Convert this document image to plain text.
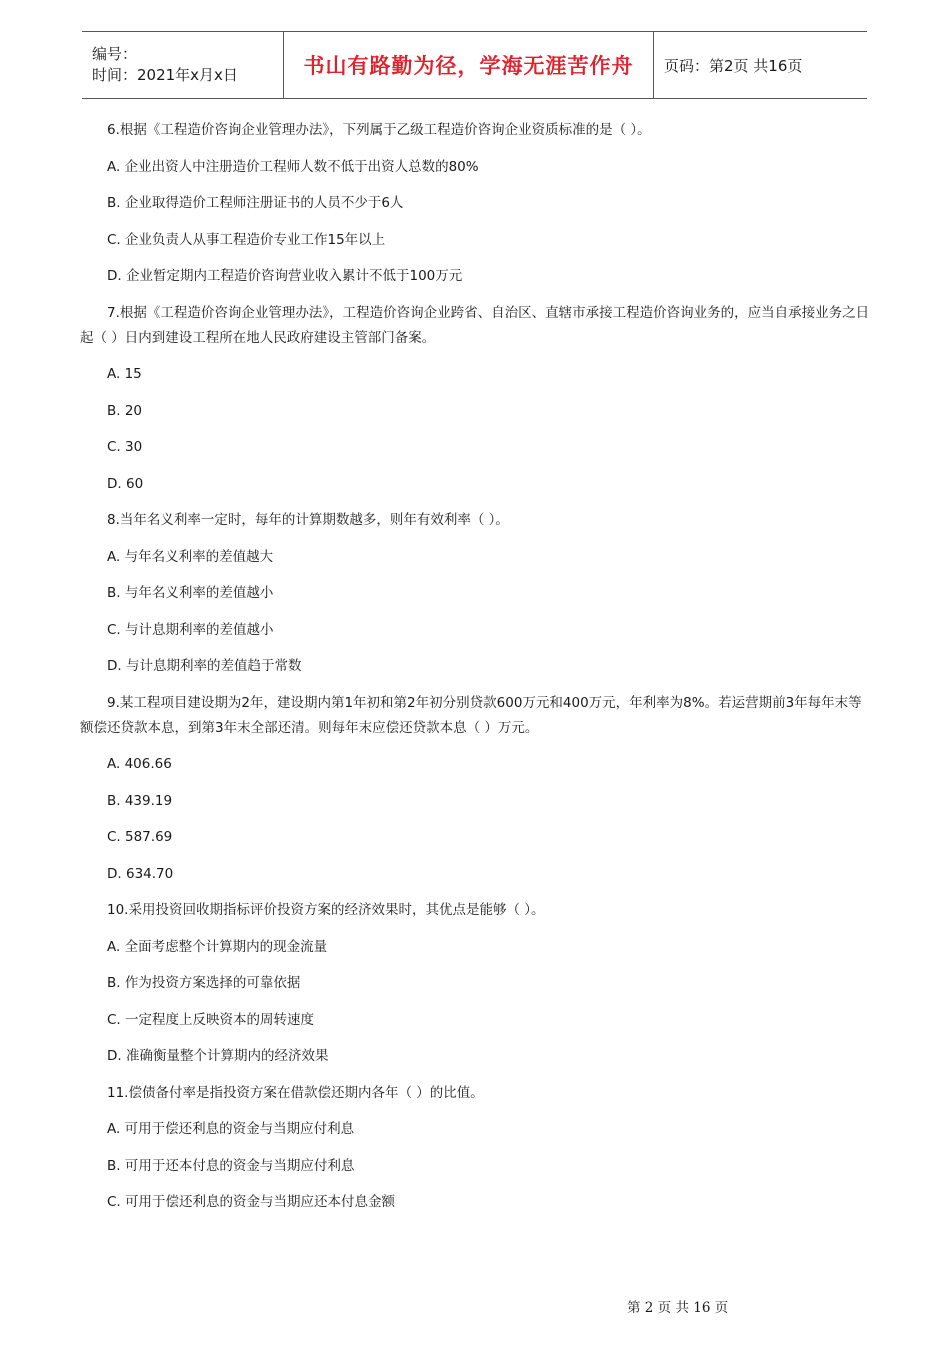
编号：
时间：2021年x月x日	书山有路勤为径，学海无涯苦作舟 页码：第2页 共16页

6.根据《工程造价咨询企业管理办法》，下列属于乙级工程造价咨询企业资质标准的是（ ）。

A. 企业出资人中注册造价工程师人数不低于出资人总数的80%

B. 企业取得造价工程师注册证书的人员不少于6人

C. 企业负责人从事工程造价专业工作15年以上

D. 企业暂定期内工程造价咨询营业收入累计不低于100万元

7.根据《工程造价咨询企业管理办法》，工程造价咨询企业跨省、自治区、直辖市承接工程造价咨询业务的，应当自承接业务之日起（ ）日内到建设工程所在地人民政府建设主管部门备案。

A. 15

B. 20

C. 30

D. 60

8.当年名义利率一定时，每年的计算期数越多，则年有效利率（ ）。

A. 与年名义利率的差值越大

B. 与年名义利率的差值越小

C. 与计息期利率的差值越小

D. 与计息期利率的差值趋于常数

9.某工程项目建设期为2年，建设期内第1年初和第2年初分别贷款600万元和400万元，年利率为8%。若运营期前3年每年末等额偿还贷款本息，到第3年末全部还清。则每年末应偿还贷款本息（ ）万元。

A. 406.66

B. 439.19

C. 587.69

D. 634.70

10.采用投资回收期指标评价投资方案的经济效果时，其优点是能够（ ）。

A. 全面考虑整个计算期内的现金流量

B. 作为投资方案选择的可靠依据

C. 一定程度上反映资本的周转速度

D. 准确衡量整个计算期内的经济效果

11.偿债备付率是指投资方案在借款偿还期内各年（ ）的比值。

A. 可用于偿还利息的资金与当期应付利息

B. 可用于还本付息的资金与当期应付利息

C. 可用于偿还利息的资金与当期应还本付息金额

第 2 页 共 16 页
